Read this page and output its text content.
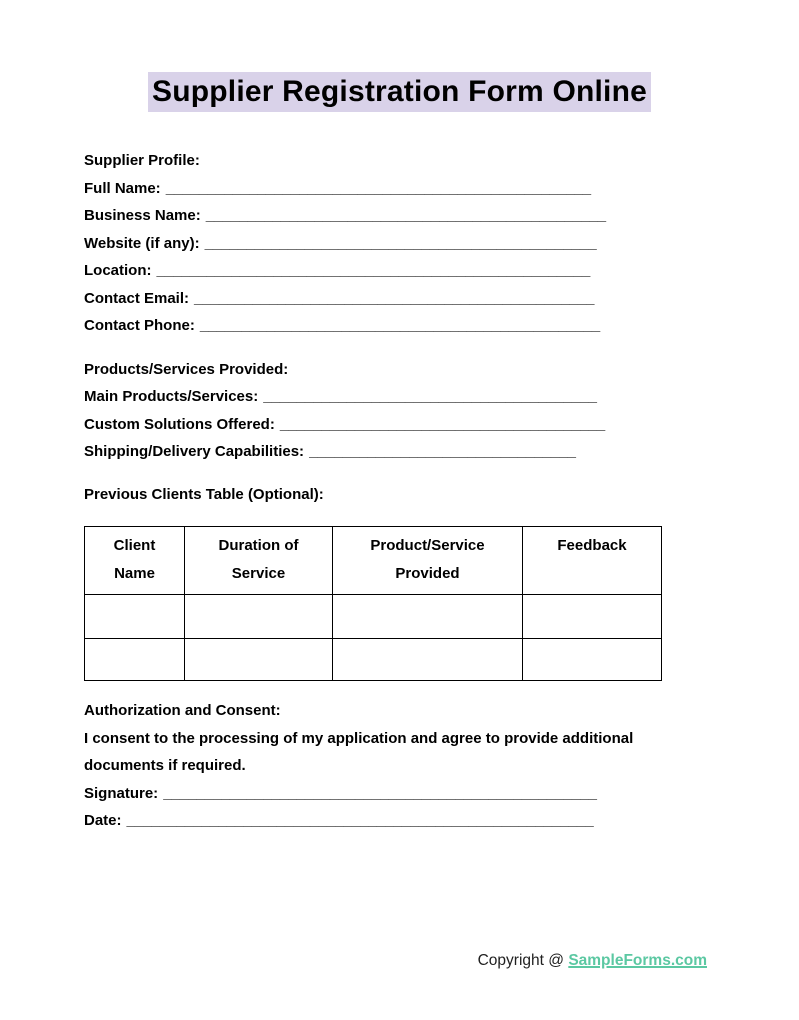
Supplier Registration Form Online

Supplier Profile:

Full Name: ___________________________________________________

Business Name: ________________________________________________

Website (if any): _______________________________________________

Location: ____________________________________________________

Contact Email: ________________________________________________

Contact Phone: ________________________________________________

Products/Services Provided:

Main Products/Services: ________________________________________

Custom Solutions Offered: _______________________________________

Shipping/Delivery Capabilities: ________________________________

Previous Clients Table (Optional):

Client Name	Duration of Service	Product/Service Provided	Feedback

Authorization and Consent:

I consent to the processing of my application and agree to provide additional documents if required.

Signature: ____________________________________________________

Date: ________________________________________________________

Copyright @ SampleForms.com
